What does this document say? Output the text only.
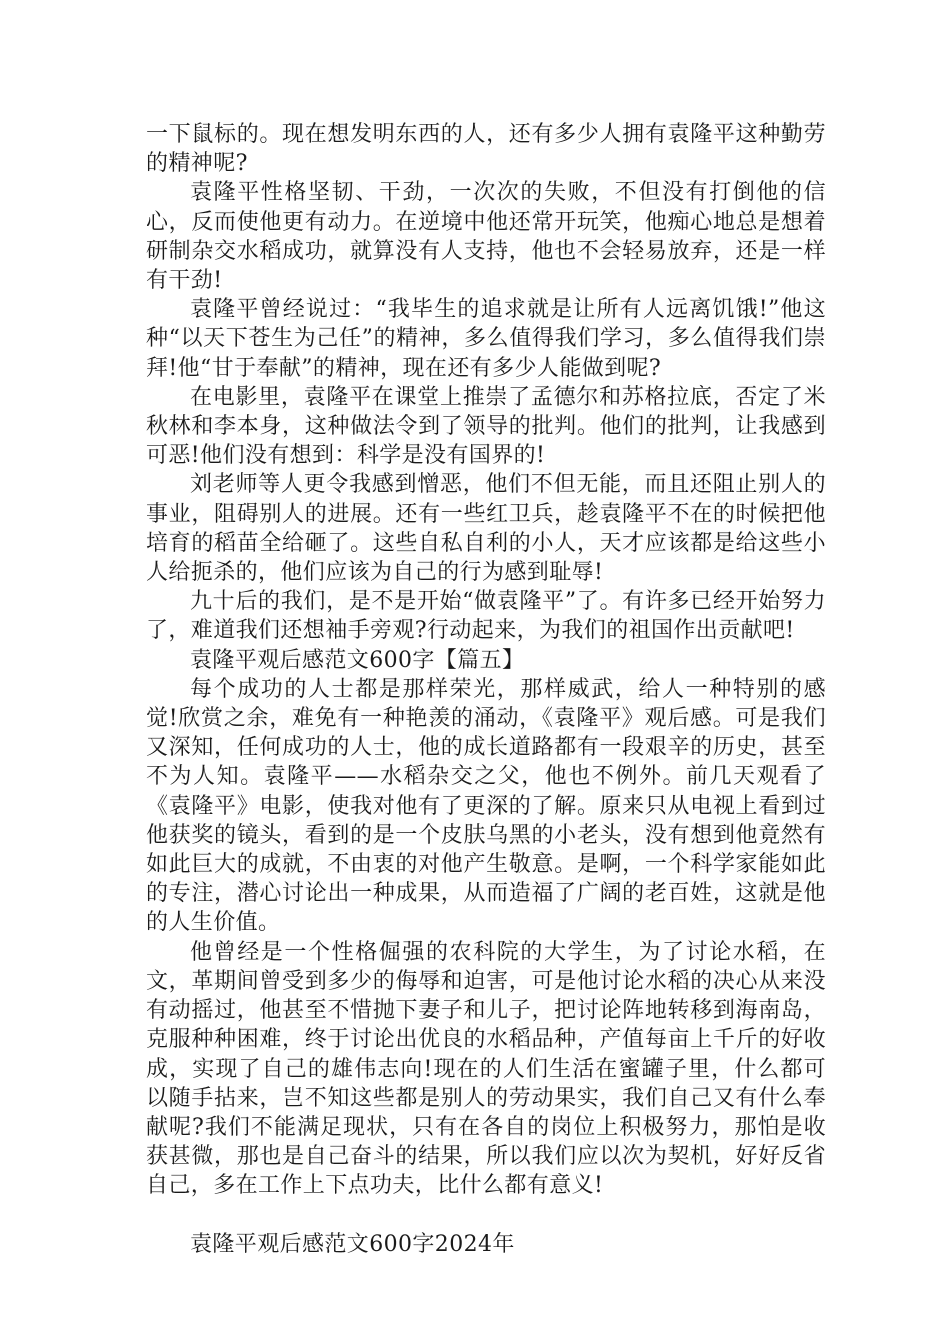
一下鼠标的。现在想发明东西的人，还有多少人拥有袁隆平这种勤劳的精神呢?

袁隆平性格坚韧、干劲，一次次的失败，不但没有打倒他的信心，反而使他更有动力。在逆境中他还常开玩笑，他痴心地总是想着研制杂交水稻成功，就算没有人支持，他也不会轻易放弃，还是一样有干劲!

袁隆平曾经说过：“我毕生的追求就是让所有人远离饥饿!”他这种“以天下苍生为己任”的精神，多么值得我们学习，多么值得我们崇拜!他“甘于奉献”的精神，现在还有多少人能做到呢?

在电影里，袁隆平在课堂上推崇了孟德尔和苏格拉底，否定了米秋林和李本身，这种做法令到了领导的批判。他们的批判，让我感到可恶!他们没有想到：科学是没有国界的!

刘老师等人更令我感到憎恶，他们不但无能，而且还阻止别人的事业，阻碍别人的进展。还有一些红卫兵，趁袁隆平不在的时候把他培育的稻苗全给砸了。这些自私自利的小人，天才应该都是给这些小人给扼杀的，他们应该为自己的行为感到耻辱!

九十后的我们，是不是开始“做袁隆平”了。有许多已经开始努力了，难道我们还想袖手旁观?行动起来，为我们的祖国作出贡献吧!

袁隆平观后感范文600字【篇五】

每个成功的人士都是那样荣光，那样威武，给人一种特别的感觉!欣赏之余，难免有一种艳羡的涌动，《袁隆平》观后感。可是我们又深知，任何成功的人士，他的成长道路都有一段艰辛的历史，甚至不为人知。袁隆平——水稻杂交之父，他也不例外。前几天观看了《袁隆平》电影，使我对他有了更深的了解。原来只从电视上看到过他获奖的镜头，看到的是一个皮肤乌黑的小老头，没有想到他竟然有如此巨大的成就，不由衷的对他产生敬意。是啊，一个科学家能如此的专注，潜心讨论出一种成果，从而造福了广阔的老百姓，这就是他的人生价值。

他曾经是一个性格倔强的农科院的大学生，为了讨论水稻，在文，革期间曾受到多少的侮辱和迫害，可是他讨论水稻的决心从来没有动摇过，他甚至不惜抛下妻子和儿子，把讨论阵地转移到海南岛，克服种种困难，终于讨论出优良的水稻品种，产值每亩上千斤的好收成，实现了自己的雄伟志向!现在的人们生活在蜜罐子里，什么都可以随手拈来，岂不知这些都是别人的劳动果实，我们自己又有什么奉献呢?我们不能满足现状，只有在各自的岗位上积极努力，那怕是收获甚微，那也是自己奋斗的结果，所以我们应以次为契机，好好反省自己，多在工作上下点功夫，比什么都有意义!

袁隆平观后感范文600字2024年
